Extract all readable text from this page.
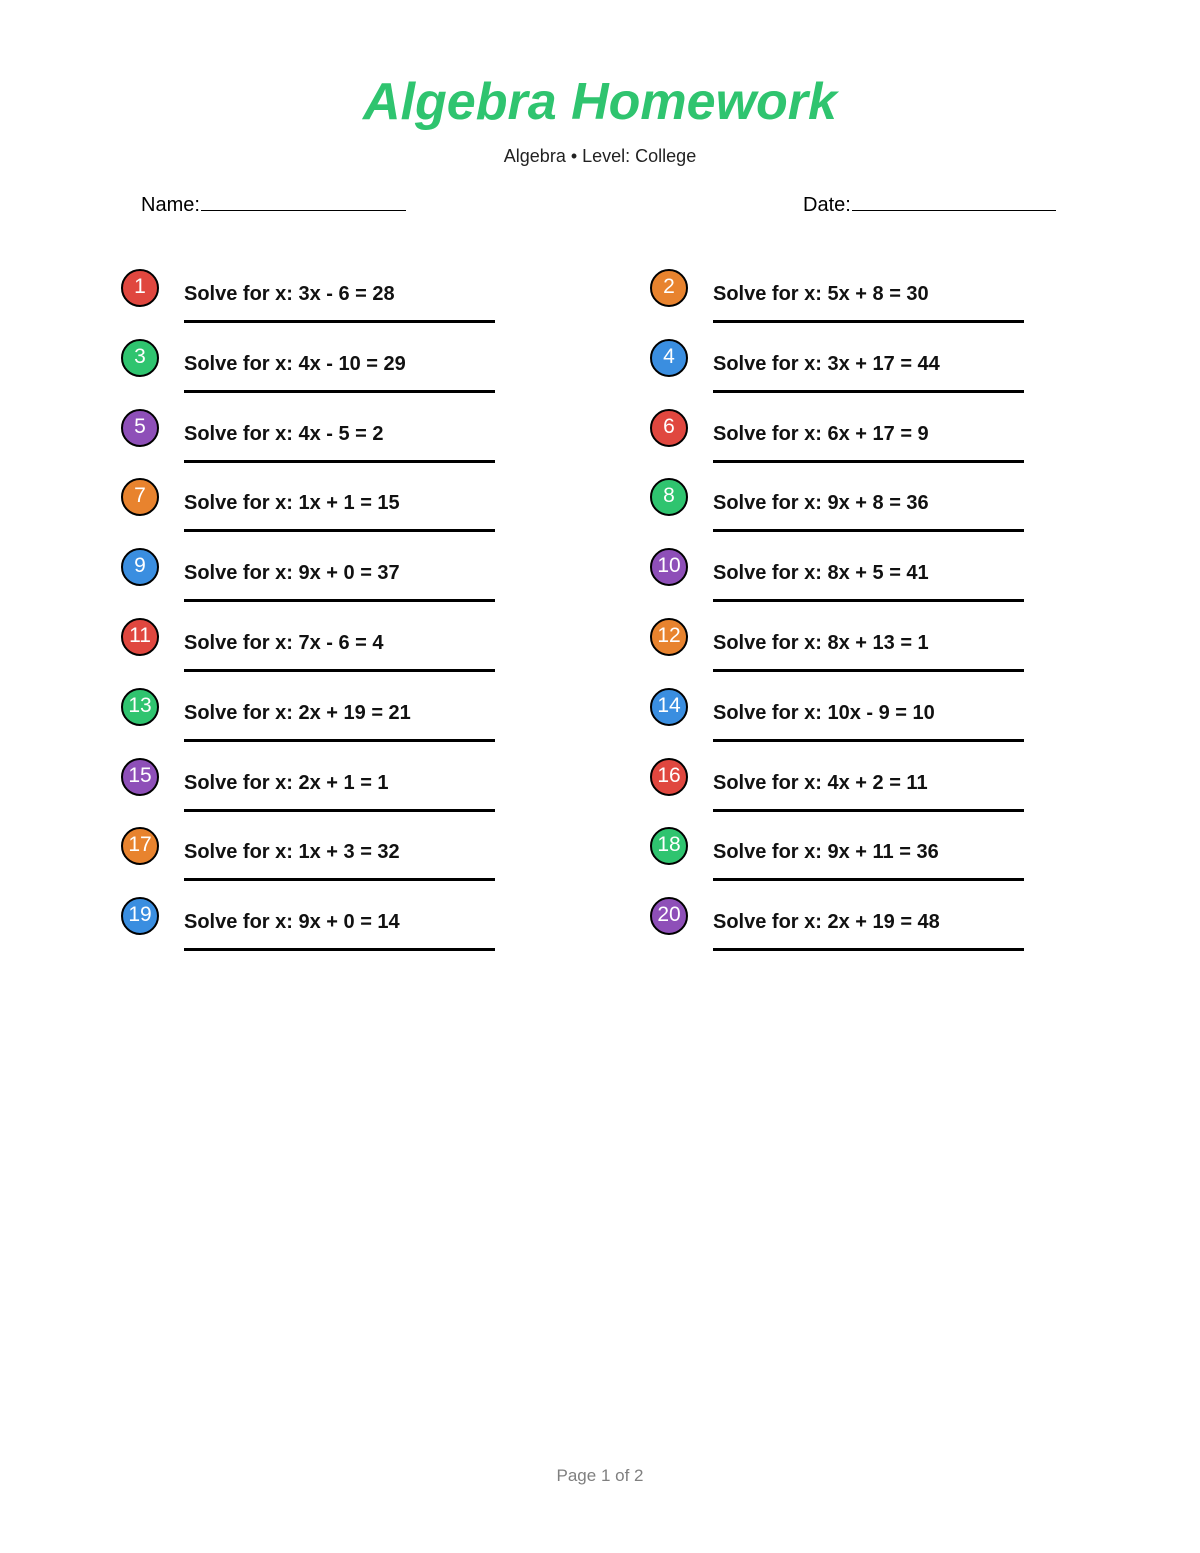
Algebra Homework
Algebra • Level: College
Name:	Date:
1	Solve for x: 3x - 6 = 28	2	Solve for x: 5x + 8 = 30
3	Solve for x: 4x - 10 = 29	4	Solve for x: 3x + 17 = 44
5	Solve for x: 4x - 5 = 2	6	Solve for x: 6x + 17 = 9
7	Solve for x: 1x + 1 = 15	8	Solve for x: 9x + 8 = 36
9	Solve for x: 9x + 0 = 37	10	Solve for x: 8x + 5 = 41
11	Solve for x: 7x - 6 = 4	12	Solve for x: 8x + 13 = 1
13	Solve for x: 2x + 19 = 21	14	Solve for x: 10x - 9 = 10
15	Solve for x: 2x + 1 = 1	16	Solve for x: 4x + 2 = 11
17	Solve for x: 1x + 3 = 32	18	Solve for x: 9x + 11 = 36
19	Solve for x: 9x + 0 = 14	20	Solve for x: 2x + 19 = 48
Page 1 of 2
